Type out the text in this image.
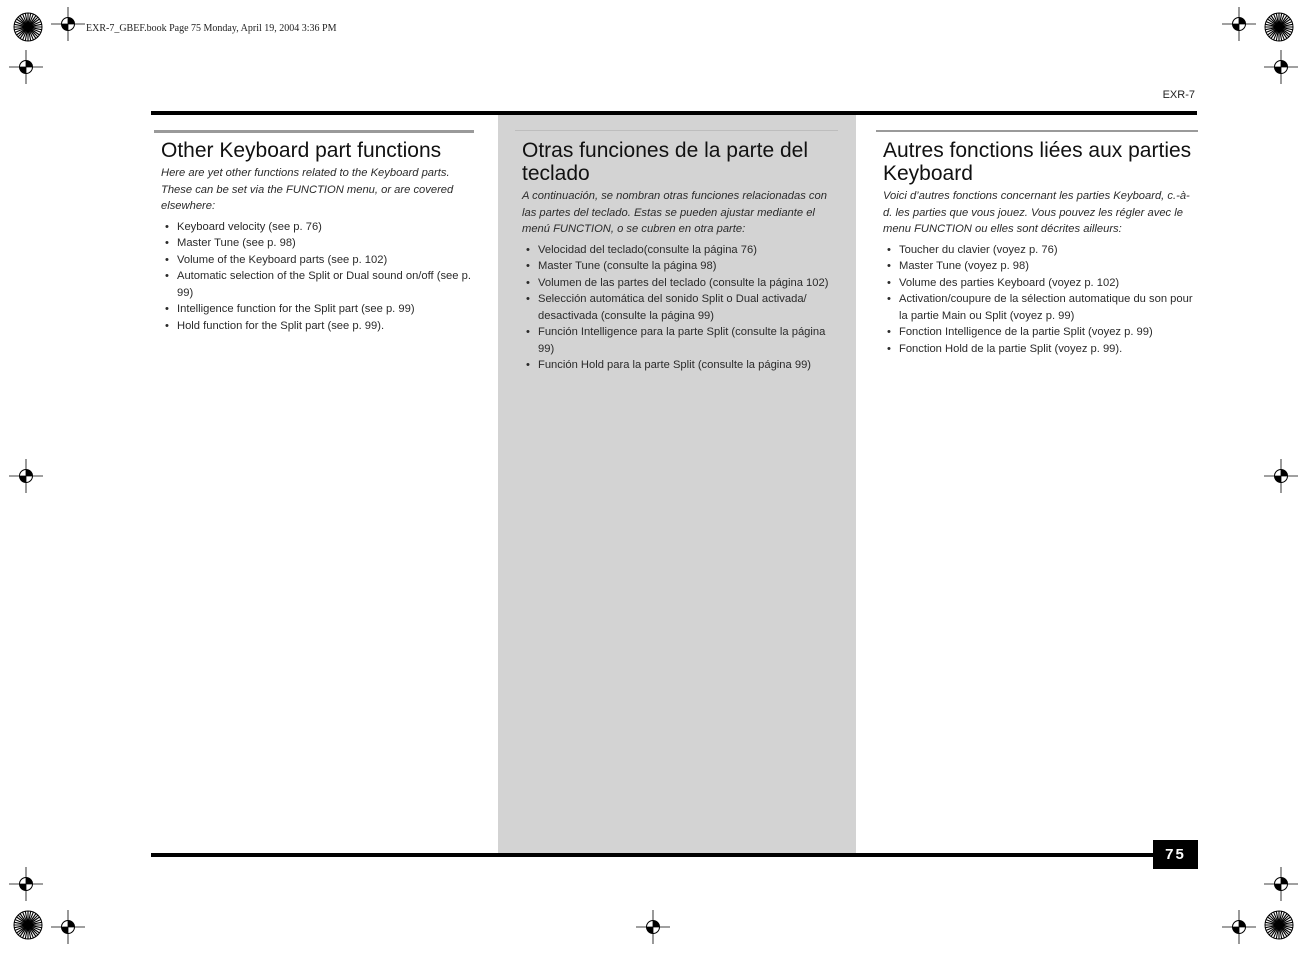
EXR-7_GBEF.book Page 75 Monday, April 19, 2004 3:36 PM
EXR-7
Other Keyboard part functions

Here are yet other functions related to the Keyboard parts. These can be set via the FUNCTION menu, or are covered elsewhere:

• Keyboard velocity (see p. 76)
• Master Tune (see p. 98)
• Volume of the Keyboard parts (see p. 102)
• Automatic selection of the Split or Dual sound on/off (see p. 99)
• Intelligence function for the Split part (see p. 99)
• Hold function for the Split part (see p. 99).
Otras funciones de la parte del teclado

A continuación, se nombran otras funciones relacionadas con las partes del teclado. Estas se pueden ajustar mediante el menú FUNCTION, o se cubren en otra parte:

• Velocidad del teclado(consulte la página 76)
• Master Tune (consulte la página 98)
• Volumen de las partes del teclado (consulte la página 102)
• Selección automática del sonido Split o Dual activada/ desactivada (consulte la página 99)
• Función Intelligence para la parte Split (consulte la página 99)
• Función Hold para la parte Split (consulte la página 99)
Autres fonctions liées aux parties Keyboard

Voici d’autres fonctions concernant les parties Keyboard, c.-à-d. les parties que vous jouez. Vous pouvez les régler avec le menu FUNCTION ou elles sont décrites ailleurs:

• Toucher du clavier (voyez p. 76)
• Master Tune (voyez p. 98)
• Volume des parties Keyboard (voyez p. 102)
• Activation/coupure de la sélection automatique du son pour la partie Main ou Split (voyez p. 99)
• Fonction Intelligence de la partie Split (voyez p. 99)
• Fonction Hold de la partie Split (voyez p. 99).
75
